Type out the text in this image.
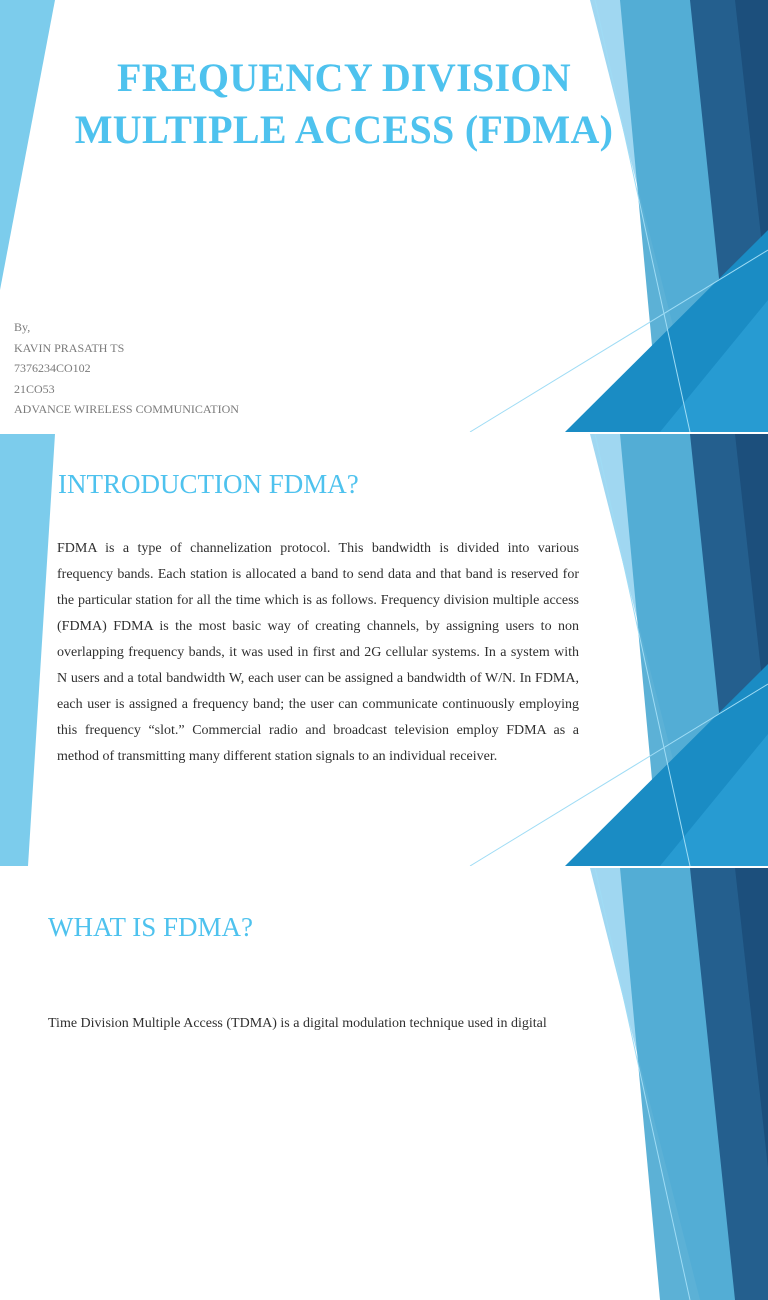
FREQUENCY DIVISION MULTIPLE ACCESS (FDMA)
By,
KAVIN PRASATH TS
7376234CO102
21CO53
ADVANCE WIRELESS COMMUNICATION
INTRODUCTION FDMA?

FDMA is a type of channelization protocol. This bandwidth is divided into various frequency bands. Each station is allocated a band to send data and that band is reserved for the particular station for all the time which is as follows. Frequency division multiple access (FDMA) FDMA is the most basic way of creating channels, by assigning users to non overlapping frequency bands, it was used in first and 2G cellular systems. In a system with N users and a total bandwidth W, each user can be assigned a bandwidth of W/N. In FDMA, each user is assigned a frequency band; the user can communicate continuously employing this frequency “slot.” Commercial radio and broadcast television employ FDMA as a method of transmitting many different station signals to an individual receiver.

WHAT IS FDMA?

Time Division Multiple Access (TDMA) is a digital modulation technique used in digital
